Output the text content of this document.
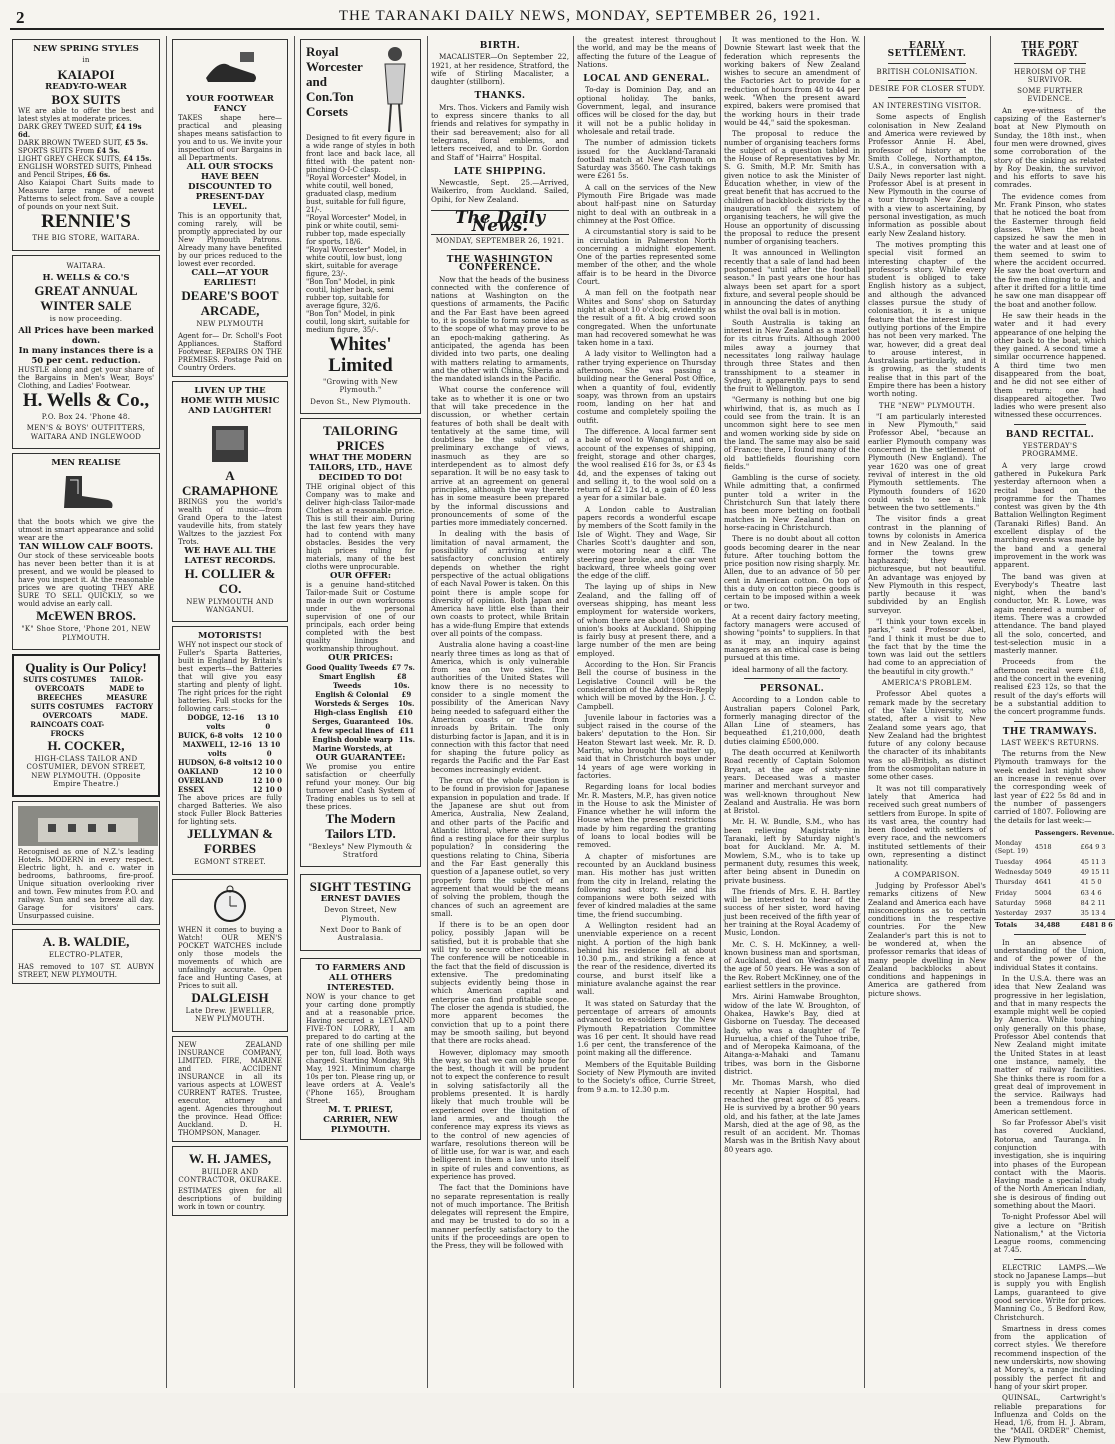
2	THE TARANAKI DAILY NEWS, MONDAY, SEPTEMBER 26, 1921.
NEW SPRING STYLES
in
KAIAPOI
READY-TO-WEAR
BOX SUITS
WE are able to offer the best and latest styles at moderate prices.
DARK GREY TWEED SUIT, £4 19s 6d.
DARK BROWN TWEED SUIT, £5 5s.
SPORTS SUITS From £4 5s.
LIGHT GREY CHECK SUITS, £4 15s.
ENGLISH WORSTED SUITS, Pinhead and Pencil Stripes, £6 6s.
Also Kaiapoi Chart Suits made to Measure large range of newest Patterns to select from. Save a couple of pounds on your next Suit.
RENNIE'S
THE BIG STORE, WAITARA.
WAITARA.
H. WELLS & CO.'S
GREAT ANNUAL WINTER SALE
is now proceeding.
All Prices have been marked down.
In many instances there is a 50 per cent. reduction.
HUSTLE along and get your share of the Bargains in Men's Wear, Boys' Clothing, and Ladies' Footwear.
H. Wells & Co.,
P.O. Box 24. 'Phone 48.
MEN'S & BOYS' OUTFITTERS, WAITARA AND INGLEWOOD
MEN REALISE
that the boots which we give the utmost in smart appearance and solid wear are the
TAN WILLOW CALF BOOTS.
Our stock of these serviceable boots has never been better than it is at present, and we would be pleased to have you inspect it. At the reasonable prices we are quoting THEY ARE SURE TO SELL QUICKLY, so we would advise an early call.
McEWEN BROS.
"K" Shoe Store, 'Phone 201, NEW PLYMOUTH.
Quality is Our Policy!
SUITS COSTUMES OVERCOATS BREECHES
TAILOR-MADE to MEASURE
SUITS COSTUMES OVERCOATS RAINCOATS COAT-FROCKS
FACTORY MADE.
H. COCKER,
HIGH-CLASS TAILOR AND COSTUMIER, DEVON STREET, NEW PLYMOUTH. (Opposite Empire Theatre.)
Recognised as one of N.Z.'s leading Hotels. MODERN in every respect. Electric light, h. and c. water in bedrooms, bathrooms, fire-proof. Unique situation overlooking river and town. Few minutes from P.O. and railway. Sun and sea breeze all day. Garage for visitors' cars. Unsurpassed cuisine.
A. B. WALDIE,
ELECTRO-PLATER,
HAS removed to 107 ST. AUBYN STREET, NEW PLYMOUTH.
YOUR FOOTWEAR FANCY
TAKES shape here—practical and pleasing shapes means satisfaction to you and to us. We invite your inspection of our Bargains in all Departments.
ALL OUR STOCKS HAVE BEEN DISCOUNTED TO PRESENT-DAY LEVEL.
This is an opportunity that, coming rarely, will be promptly appreciated by our New Plymouth Patrons. Already many have benefited by our prices reduced to the lowest ever recorded.
CALL—AT YOUR EARLIEST!
DEARE'S BOOT ARCADE,
NEW PLYMOUTH
Agent for— Dr. Scholl's Foot Appliances. Stafford Footwear. REPAIRS ON THE PREMISES. Postage Paid on Country Orders.
LIVEN UP THE HOME WITH MUSIC AND LAUGHTER!
A CRAMAPHONE
BRINGS you the world's wealth of music—from Grand Opera to the latest vaudeville hits, from stately Waltzes to the jazziest Fox Trots.
WE HAVE ALL THE LATEST RECORDS.
H. COLLIER & CO.
NEW PLYMOUTH AND WANGANUI.
MOTORISTS!
WHY not inspect our stock of Fuller's Sparta Batteries, built in England by Britain's best experts—the Batteries that will give you easy starting and plenty of light. The right prices for the right batteries. Full stocks for the following cars:—
DODGE, 12-16 volts
13 10 0
BUICK, 6-8 volts 12 10 0
MAXWELL, 12-16 volts
13 10 0
HUDSON, 6-8 volts 12 10 0
OAKLAND	12 10 0
OVERLAND	12 10 0
ESSEX	12 10 0
The above prices are fully charged Batteries. We also stock Fuller Block Batteries for lighting sets.
JELLYMAN & FORBES
EGMONT STREET.
WHEN it comes to buying a Watch! OUR MEN'S POCKET WATCHES include only those models the movements of which are unfailingly accurate. Open face and Hunting Cases, at Prices to suit all.
DALGLEISH
Late Drew. JEWELLER, NEW PLYMOUTH.
NEW ZEALAND INSURANCE COMPANY, LIMITED. FIRE, MARINE and ACCIDENT INSURANCE in all its various aspects at LOWEST CURRENT RATES. Trustee, executor, attorney and agent. Agencies throughout the province. Head Office: Auckland. D. H. THOMPSON, Manager.
W. H. JAMES,
BUILDER AND CONTRACTOR, OKURAKE.
ESTIMATES given for all descriptions of building work in town or country.
Royal Worcester and Con.Ton Corsets
Designed to fit every figure in a wide range of styles in both front lace and back lace, all fitted with the patent non-pinching O-I-C clasp.
"Royal Worcester" Model, in white coutil, well boned, graduated clasp, medium bust, suitable for full figure, 21/-.
"Royal Worcester" Model, in pink or white coutil, semi-rubber top, made especially for sports, 18/6.
"Royal Worcester" Model, in white coutil, low bust, long skirt, suitable for average figure, 23/-.
"Bon Ton" Model, in pink coutil, higher back, semi rubber top, suitable for average figure, 32/6.
"Bon Ton" Model, in pink coutil, long skirt, suitable for medium figure, 35/-.
Whites' Limited
"Growing with New Plymouth."
Devon St., New Plymouth.
TAILORING PRICES
WHAT THE MODERN TAILORS, LTD., HAVE DECIDED TO DO!
THE original object of this Company was to make and deliver high-class Tailor-made Clothes at a reasonable price. This is still their aim. During the last few years they have had to contend with many obstacles. Besides the very high prices ruling for materials, many of the best cloths were unprocurable.
OUR OFFER:
is a genuine hand-stitched Tailor-made Suit or Costume made in our own workrooms under the personal supervision of one of our principals, each order being completed with the best quality linings and workmanship throughout.
OUR PRICES:
Good Quality Tweeds £7 7s.
Smart English Tweeds
£8 10s.
English & Colonial Worsteds & Serges
£9 10s.
High-class English Serges, Guaranteed
£10 10s.
A few special lines of English double warp Marine Worsteds, at
£11 11s.
OUR GUARANTEE:
We promise you entire satisfaction or cheerfully refund your money. Our big turnover and Cash System of Trading enables us to sell at these prices.
The Modern Tailors LTD.
"Bexleys" New Plymouth & Stratford
SIGHT TESTING
ERNEST DAVIES
Devon Street, New Plymouth.
Next Door to Bank of Australasia.
TO FARMERS AND ALL OTHERS INTERESTED.
NOW is your chance to get your carting done promptly and at a reasonable price. Having secured a LEYLAND FIVE-TON LORRY, I am prepared to do carting at the rate of one shilling per mile per ton, full load. Both ways charged. Starting Monday, 9th May, 1921. Minimum charge 10s per ton. Please ring up, or leave orders at A. Veale's ('Phone 165), Brougham Street.
M. T. PRIEST, CARRIER, NEW PLYMOUTH.
BIRTH.

MACALISTER—On September 22, 1921, at her residence, Stratford, the wife of Stirling Macalister, a daughter (stillborn).

THANKS.

Mrs. Thos. Vickers and Family wish to express sincere thanks to all friends and relatives for sympathy in their sad bereavement; also for all telegrams, floral emblems, and letters received, and to Dr. Gordon and Staff of "Hairra" Hospital.

LATE SHIPPING.

Newcastle, Sept. 25.—Arrived, Waikeriro, from Auckland. Sailed, Opihi, for New Zealand.

The Daily News.
MONDAY, SEPTEMBER 26, 1921.
THE WASHINGTON CONFERENCE.

Now that the heads of the business connected with the conference of nations at Washington on the questions of armaments, the Pacific and the Far East have been agreed to, it is possible to form some idea as to the scope of what may prove to be an epoch-making gathering. As anticipated, the agenda has been divided into two parts, one dealing with matters relating to armaments, and the other with China, Siberia and the mandated islands in the Pacific.

What course the conference will take as to whether it is one or two that will take precedence in the discussion, or whether certain features of both shall be dealt with tentatively at the same time, will doubtless be the subject of a preliminary exchange of views, inasmuch as they are so interdependent as to almost defy separation. It will be no easy task to arrive at an agreement on general principles, although the way thereto has in some measure been prepared by the informal discussions and pronouncements of some of the parties more immediately concerned.

In dealing with the basis of limitation of naval armament, the possibility of arriving at any satisfactory conclusion entirely depends on whether the right perspective of the actual obligations of each Naval Power is taken. On this point there is ample scope for diversity of opinion. Both Japan and America have little else than their own coasts to protect, while Britain has a wide-flung Empire that extends over all points of the compass.

Australia alone having a coast-line nearly three times as long as that of America, which is only vulnerable from sea on two sides. The authorities of the United States will know there is no necessity to consider to a single moment the possibility of the American Navy being needed to safeguard either the American coasts or trade from inroads by Britain. The only disturbing factor is Japan, and it is in connection with this factor that need for shaping the future policy as regards the Pacific and the Far East becomes increasingly evident.

The crux of the whole question is to be found in provision for Japanese expansion in population and trade. If the Japanese are shut out from America, Australia, New Zealand, and other parts of the Pacific and Atlantic littoral, where are they to find a resting place for their surplus population? In considering the questions relating to China, Siberia and the Far East generally this question of a Japanese outlet, so very properly form the subject of an agreement that would be the means of solving the problem, though the chances of such an agreement are small.

If there is to be an open door policy, possibly Japan will be satisfied, but it is probable that she will try to secure other conditions. The conference will be noticeable in the fact that the field of discussion is extensive. The predominating subjects evidently being those in which American capital and enterprise can find profitable scope. The closer the agenda is studied, the more apparent becomes the conviction that up to a point there may be smooth sailing, but beyond that there are rocks ahead.

However, diplomacy may smooth the way, so that we can only hope for the best, though it will be prudent not to expect the conference to result in solving satisfactorily all the problems presented. It is hardly likely that much trouble will be experienced over the limitation of land armies, and though the conference may express its views as to the control of new agencies of warfare, resolutions thereon will be of little use, for war is war, and each belligerent in them a law unto itself in spite of rules and conventions, as experience has proved.

The fact that the Dominions have no separate representation is really not of much importance. The British delegates will represent the Empire, and may be trusted to do so in a manner perfectly satisfactory to the units if the proceedings are open to the Press, they will be followed with

the greatest interest throughout the world, and may be the means of affecting the future of the League of Nations.

LOCAL AND GENERAL.

To-day is Dominion Day, and an optional holiday. The banks, Government, legal, and insurance offices will be closed for the day, but it will not be a public holiday in wholesale and retail trade.

The number of admission tickets issued for the Auckland-Taranaki football match at New Plymouth on Saturday was 3560. The cash takings were £261 5s.

A call on the services of the New Plymouth Fire Brigade was made about half-past nine on Saturday night to deal with an outbreak in a chimney at the Post Office.

A circumstantial story is said to be in circulation in Palmerston North concerning a midnight elopement. One of the parties represented some member of the other, and the whole affair is to be heard in the Divorce Court.

A man fell on the footpath near Whites and Sons' shop on Saturday night at about 10 o'clock, evidently as the result of a fit. A big crowd soon congregated. When the unfortunate man had recovered somewhat he was taken home in a taxi.

A lady visitor to Wellington had a rather trying experience on Thursday afternoon. She was passing a building near the General Post Office, when a quantity of foul, evidently soapy, was thrown from an upstairs room, landing on her hat and costume and completely spoiling the outfit.

The difference. A local farmer sent a bale of wool to Wanganui, and on account of the expenses of shipping, freight, storage and other charges, the wool realised £16 for 3s, or £3 4s 4d, and the expenses of taking out and selling it, to the wool sold on a return of £2 12s 1d, a gain of £0 less a year for a similar bale.

A London cable to Australian papers records a wonderful escape by members of the Scott family in the Isle of Wight. They and Wage, Sir Charles Scott's daughter and son, were motoring near a cliff. The steering gear broke, and the car went backward, three wheels going over the edge of the cliff.

The laying up of ships in New Zealand, and the falling off of overseas shipping, has meant less employment for waterside workers, of whom there are about 1000 on the union's books at Auckland. Shipping is fairly busy at present there, and a large number of the men are being employed.

According to the Hon. Sir Francis Bell the course of business in the Legislative Council will be the consideration of the Address-in-Reply which will be moved by the Hon. J. C. Campbell.

Juvenile labour in factories was a subject raised in the course of the bakers' deputation to the Hon. Sir Heaton Stewart last week. Mr. R. D. Martin, who brought the matter up, said that in Christchurch boys under 14 years of age were working in factories.

Regarding loans for local bodies Mr. R. Masters, M.P., has given notice in the House to ask the Minister of Finance whether he will inform the House when the present restrictions made by him regarding the granting of loans to local bodies will be removed.

A chapter of misfortunes are recounted by an Auckland business man. His mother has just written from the city in Ireland, relating the following sad story. He and his companions were both seized with fever of kindred maladies at the same time, the friend succumbing.

A Wellington resident had an unenviable experience on a recent night. A portion of the high bank behind his residence fell at about 10.30 p.m., and striking a fence at the rear of the residence, diverted its course, and burst itself like a miniature avalanche against the rear wall.

It was stated on Saturday that the percentage of arrears of amounts advanced to ex-soldiers by the New Plymouth Repatriation Committee was 16 per cent. It should have read 1.6 per cent, the transference of the point making all the difference.

Members of the Equitable Building Society of New Plymouth are invited to the Society's office, Currie Street, from 9 a.m. to 12.30 p.m.

It was mentioned to the Hon. W. Downie Stewart last week that the federation which represents the working bakers of New Zealand wishes to secure an amendment of the Factories Act to provide for a reduction of hours from 48 to 44 per week. "When the present award expired, bakers were promised that the working hours in their trade would be 44," said the spokesman.

The proposal to reduce the number of organising teachers forms the subject of a question tabled in the House of Representatives by Mr. S. G. Smith, M.P. Mr. Smith has given notice to ask the Minister of Education whether, in view of the great benefit that has accrued to the children of backblock districts by the inauguration of the system of organising teachers, he will give the House an opportunity of discussing the proposal to reduce the present number of organising teachers.

It was announced in Wellington recently that a sale of land had been postponed "until after the football season." In past years one hour has always been set apart for a sport fixture, and several people should be in announcing the dates of anything whilst the oval ball is in motion.

South Australia is taking an interest in New Zealand as a market for its citrus fruits. Although 2000 miles away a journey that necessitates long railway haulage through three States and then transshipment to a steamer in Sydney, it apparently pays to send the fruit to Wellington.

"Germany is nothing but one big whirlwind, that is, as much as I could see from the train. It is an uncommon sight here to see men and women working side by side on the land. The same may also be said of France; there, I found many of the old battlefields flourishing corn fields."

Gambling is the curse of society. While admitting that, a confirmed punter told a writer in the Christchurch Sun that lately there has been more betting on football matches in New Zealand than on horse-racing in Christchurch.

There is no doubt about all cotton goods becoming dearer in the near future. After touching bottom the price position now rising sharply. Mr. Allen, due to an advance of 50 per cent in American cotton. On top of this a duty on cotton piece goods is certain to be imposed within a week or two.

At a recent dairy factory meeting, factory managers were accused of showing "points" to suppliers. In that as it may, an inquiry against managers as an ethical case is being pursued at this time.

ideal harmony of all the factory.

PERSONAL.

According to a London cable to Australian papers Colonel Park, formerly managing director of the Allan Line of steamers, has bequeathed £1,210,000, death duties claiming £500,000.

The death occurred at Kenilworth Road recently of Captain Solomon Bryant, at the age of sixty-nine years. Deceased was a master mariner and merchant surveyor and was well-known throughout New Zealand and Australia. He was born at Bristol.

Mr. H. W. Bundle, S.M., who has been relieving Magistrate in Taranaki, left by Saturday night's boat for Auckland. Mr. A. M. Mowlem, S.M., who is to take up permanent duty, resumes this week, after being absent in Dunedin on private business.

The friends of Mrs. E. H. Bartley will be interested to hear of the success of her sister, word having just been received of the fifth year of her training at the Royal Academy of Music, London.

Mr. C. S. H. McKinney, a well-known business man and sportsman, of Auckland, died on Wednesday at the age of 50 years. He was a son of the Rev. Robert McKinney, one of the earliest settlers in the province.

Mrs. Airini Hamwabe Broughton, widow of the late W. Broughton, of Ohakea, Hawke's Bay, died at Gisborne on Tuesday. The deceased lady, who was a daughter of Te Huruelua, a chief of the Tuhoe tribe, and of Meropeka Kaimoana, of the Aitanga-a-Mahaki and Tamanu tribes, was born in the Gisborne district.

Mr. Thomas Marsh, who died recently at Napier Hospital, had reached the great age of 85 years. He is survived by a brother 90 years old, and his father, at the late James Marsh, died at the age of 98, as the result of an accident. Mr. Thomas Marsh was in the British Navy about 80 years ago.

EARLY SETTLEMENT.
BRITISH COLONISATION.
DESIRE FOR CLOSER STUDY.
AN INTERESTING VISITOR.

Some aspects of English colonisation in New Zealand and America were reviewed by Professor Annie H. Abel, professor of history at the Smith College, Northampton, U.S.A., in conversation with a Daily News reporter last night. Professor Abel is at present in New Plymouth in the course of a tour through New Zealand with a view to ascertaining, by personal investigation, as much information as possible about early New Zealand history.

The motives prompting this special visit formed an interesting chapter of the professor's story. While every student is obliged to take English history as a subject, and although the advanced classes pursue the study of colonisation, it is a unique feature that the interest in the outlying portions of the Empire has not been very marked. The war, however, did a great deal to arouse interest, in Australasia particularly, and it is growing, as the students realise that in this part of the Empire there has been a history worth noting.

THE "NEW" PLYMOUTH.

"I am particularly interested in New Plymouth," said Professor Abel, "because an earlier Plymouth company was concerned in the settlement of Plymouth (New England). The year 1620 was one of great revival of interest in the old Plymouth settlements. The Plymouth founders of 1620 could wish to see a link between the two settlements."

The visitor finds a great contrast in the planning of towns by colonists in America and in New Zealand. In the former the towns grew haphazard; they were picturesque, but not beautiful. An advantage was enjoyed by New Plymouth in this respect, partly because it was subdivided by an English surveyor.

"I think your town excels in parks," said Professor Abel, "and I think it must be due to the fact that by the time the town was laid out the settlers had come to an appreciation of the beautiful in city growth."

AMERICA'S PROBLEM.

Professor Abel quotes a remark made by the secretary of the Yale University, who stated, after a visit to New Zealand some years ago, that New Zealand had the brightest future of any colony because the character of its inhabitants was so all-British, as distinct from the cosmopolitan nature in some other cases.

It was not till comparatively lately that America had received such great numbers of settlers from Europe. In spite of its vast area, the country had been flooded with settlers of every race, and the newcomers instituted settlements of their own, representing a distinct nationality.

A COMPARISON.

Judging by Professor Abel's remarks citizens of New Zealand and America each have misconceptions as to certain conditions in the respective countries. For the New Zealander's part this is not to be wondered at, when the professor remarks that ideas of many people dwelling in New Zealand backblocks about conditions and happenings in America are gathered from picture shows.

THE PORT TRAGEDY.
HEROISM OF THE SURVIVOR.
SOME FURTHER EVIDENCE.

An eye-witness of the capsizing of the Easterner's boat at New Plymouth on Sunday, the 18th inst., when four men were drowned, gives some corroboration of the story of the sinking as related by Roy Deakin, the survivor, and his efforts to save his comrades.

The evidence comes from Mr. Frank Pinson, who states that he noticed the boat from the Easterner through field glasses. When the boat capsized he saw the men in the water and at least one of them seemed to swim to where the accident occurred. He saw the boat overturn and the five men clinging to it, and after it drifted for a little time he saw one man disappear off the boat and another follow.

He saw their heads in the water and it had every appearance of one helping the other back to the boat, which they gained. A second time a similar occurrence happened. A third time two men disappeared from the boat, and he did not see either of them return; one had disappeared altogether. Two ladies who were present also witnessed these occurrences.

BAND RECITAL.
YESTERDAY'S PROGRAMME.

A very large crowd gathered in Pukekura Park yesterday afternoon when a recital based on the programme for the Thames contest was given by the 4th Battalion Wellington Regiment (Taranaki Rifles) Band. An excellent display of the marching events was made by the band and a general improvement in the work was apparent.

The band was given at Everybody's Theatre last night, when the band's conductor, Mr. R. Lowe, was again rendered a number of items. There was a crowded attendance. The band played all the solo, concerted, and test-selection music in a masterly manner.

Proceeds from the afternoon recital were £18, and the concert in the evening realised £23 12s, so that the result of the day's efforts will be a substantial addition to the concert programme funds.

THE TRAMWAYS.
LAST WEEK'S RETURNS.

The returns from the New Plymouth tramways for the week ended last night show an increase in revenue over the corresponding week of last year of £22 5s 8d and in the number of passengers carried of 1807. Following are the details for last week:—

	Passengers.	Revenue.
Monday (Sept. 19)	4518	£64 9 3
Tuesday	4964	45 11 3
Wednesday	5049	49 15 11
Thursday	4641	41 5 0
Friday	5004	63 4 6
Saturday	5968	84 2 11
Yesterday	2937	35 13 4
Totals	34,488	£481 8 6

In an absence of understanding of the Union, and of the power of the individual States it contains.

In the U.S.A. there was an idea that New Zealand was progressive in her legislation, and that in many respects the example might well be copied by America. While touching only generally on this phase, Professor Abel contends that New Zealand might imitate the United States in at least one instance, namely, the matter of railway facilities. She thinks there is room for a great deal of improvement in the service. Railways had been a tremendous force in American settlement.

So far Professor Abel's visit has covered Auckland, Rotorua, and Tauranga. In conjunction with investigation, she is inquiring into phases of the European contact with the Maoris. Having made a special study of the North American Indian, she is desirous of finding out something about the Maori.

To-night Professor Abel will give a lecture on "British Nationalism," at the Victoria League rooms, commencing at 7.45.

ELECTRIC LAMPS.—We stock no Japanese Lamps—but is supply you with English Lamps, guaranteed to give good service. Write for prices. Manning Co., 5 Bedford Row, Christchurch.

Smartness in dress comes from the application of correct styles. We therefore recommend inspection of the new underskirts, now showing at Morey's, a range including possibly the perfect fit and hang of your skirt proper.

QUINSAL, Cartwright's reliable preparations for Influenza and Colds on the Head, 1/6, from H. J. Abram, the "MAIL ORDER" Chemist, New Plymouth.
